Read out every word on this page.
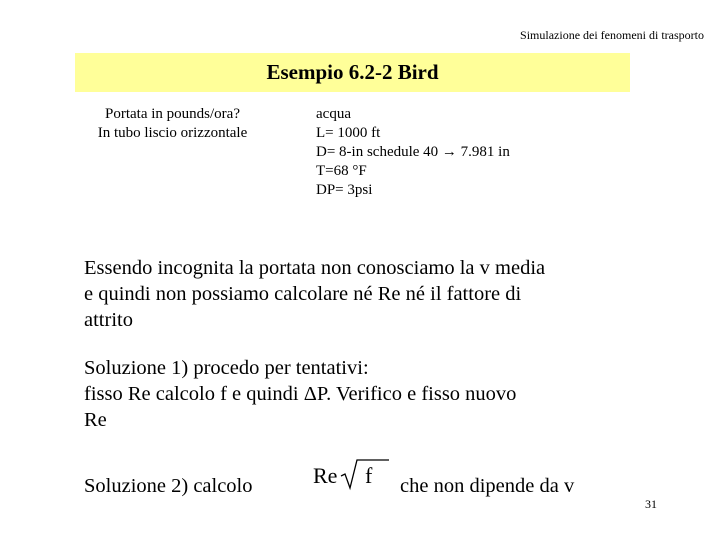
Simulazione dei fenomeni di trasporto
Esempio 6.2-2 Bird
Portata in pounds/ora?
In tubo liscio orizzontale
acqua
L= 1000 ft
D= 8-in schedule 40 → 7.981 in
T=68 °F
DP= 3psi
Essendo incognita la portata non conosciamo la v media
e quindi non possiamo calcolare né Re né il fattore di
attrito
Soluzione 1) procedo per tentativi:
fisso Re calcolo f e quindi ΔP. Verifico e fisso nuovo
Re
Soluzione 2) calcolo	Re f che non dipende da v
31
